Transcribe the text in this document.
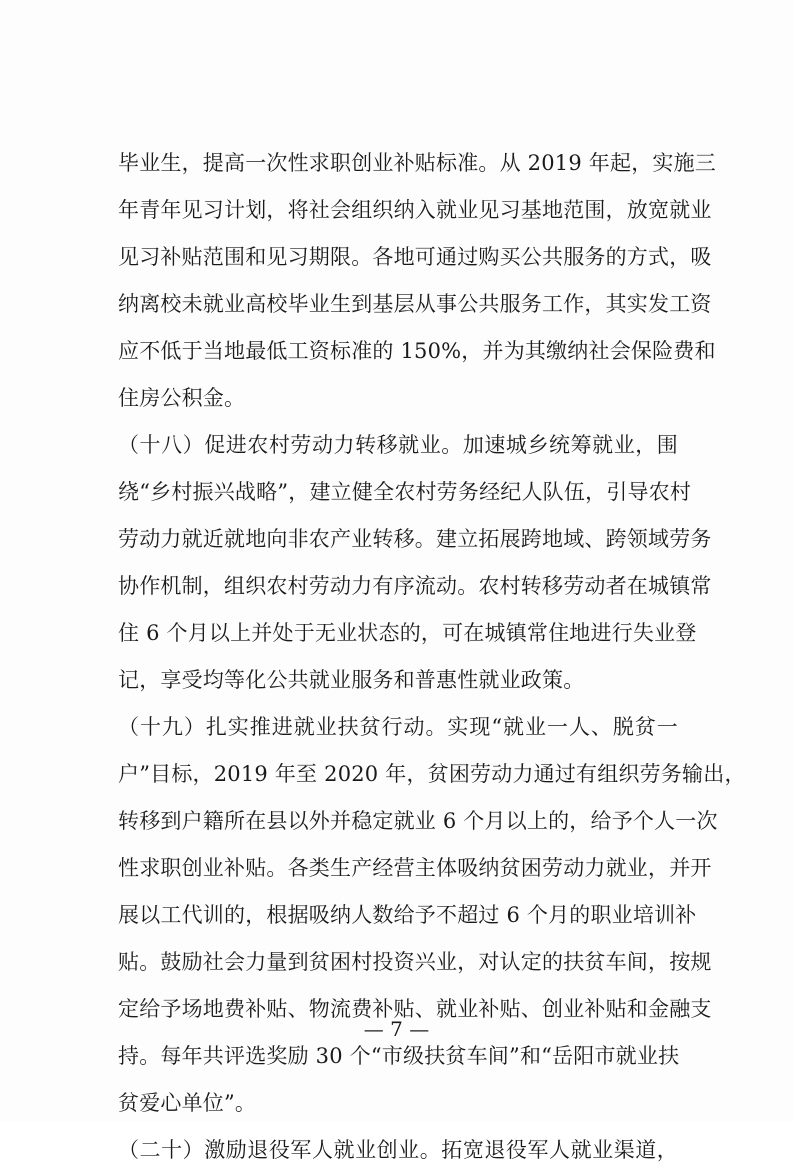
毕业生，提高一次性求职创业补贴标准。从 2019 年起，实施三
年青年见习计划，将社会组织纳入就业见习基地范围，放宽就业
见习补贴范围和见习期限。各地可通过购买公共服务的方式，吸
纳离校未就业高校毕业生到基层从事公共服务工作，其实发工资
应不低于当地最低工资标准的 150%，并为其缴纳社会保险费和
住房公积金。
（十八）促进农村劳动力转移就业。加速城乡统筹就业，围
绕“乡村振兴战略”，建立健全农村劳务经纪人队伍，引导农村
劳动力就近就地向非农产业转移。建立拓展跨地域、跨领域劳务
协作机制，组织农村劳动力有序流动。农村转移劳动者在城镇常
住 6 个月以上并处于无业状态的，可在城镇常住地进行失业登
记，享受均等化公共就业服务和普惠性就业政策。
（十九）扎实推进就业扶贫行动。实现“就业一人、脱贫一
户”目标，2019 年至 2020 年，贫困劳动力通过有组织劳务输出，
转移到户籍所在县以外并稳定就业 6 个月以上的，给予个人一次
性求职创业补贴。各类生产经营主体吸纳贫困劳动力就业，并开
展以工代训的，根据吸纳人数给予不超过 6 个月的职业培训补
贴。鼓励社会力量到贫困村投资兴业，对认定的扶贫车间，按规
定给予场地费补贴、物流费补贴、就业补贴、创业补贴和金融支
持。每年共评选奖励 30 个“市级扶贫车间”和“岳阳市就业扶
贫爱心单位”。
（二十）激励退役军人就业创业。拓宽退役军人就业渠道，
— 7 —
